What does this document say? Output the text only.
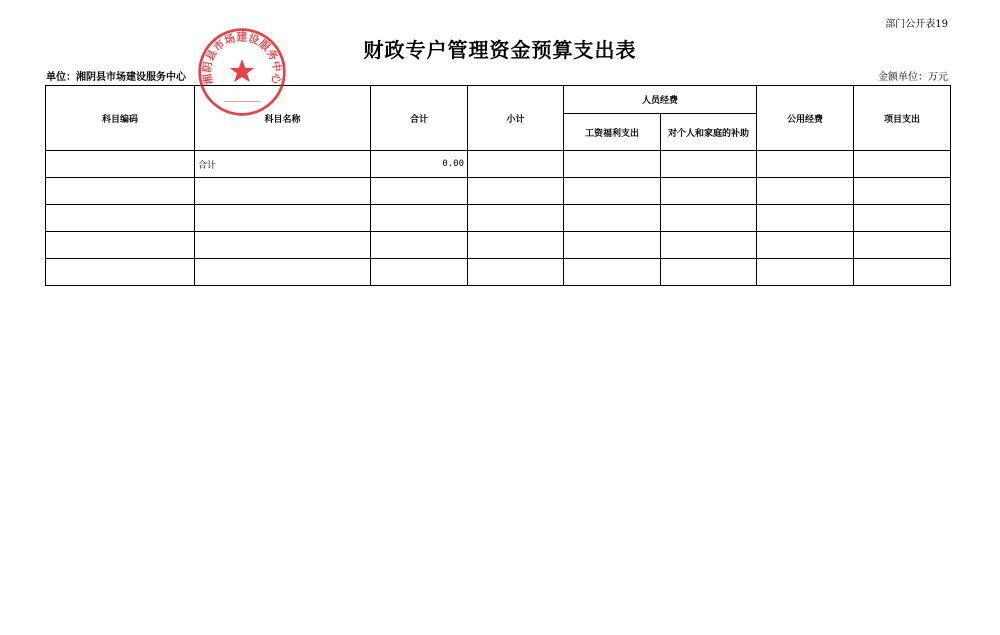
部门公开表19
财政专户管理资金预算支出表
单位：湘阴县市场建设服务中心	金额单位：万元
科目编码	科目名称	合计	小计	人员经费		公用经费	项目支出
				工资福利支出	对个人和家庭的补助		
	合计	0.00					

湘阴县市场建设服务中心
